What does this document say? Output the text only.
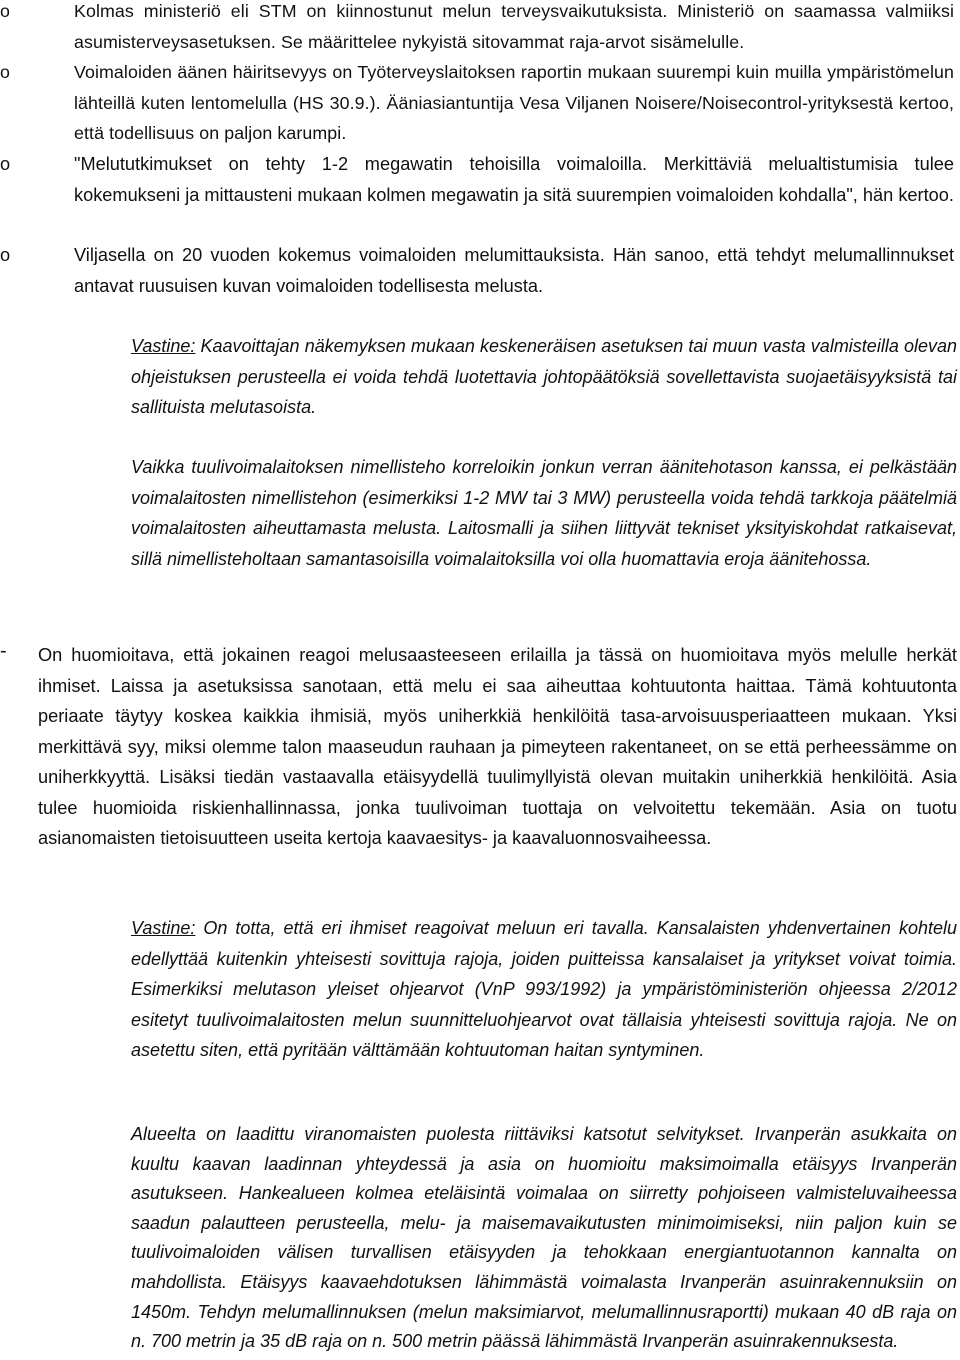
o	Kolmas ministeriö eli STM on kiinnostunut melun terveysvaikutuksista. Ministeriö on saamassa valmiiksi asumisterveysasetuksen. Se määrittelee nykyistä sitovammat raja-arvot sisämelulle.
o	Voimaloiden äänen häiritsevyys on Työterveyslaitoksen raportin mukaan suurempi kuin muilla ympäristömelun lähteillä kuten lentomelulla (HS 30.9.). Ääniasiantuntija Vesa Viljanen Noisere/Noisecontrol-yrityksestä kertoo, että todellisuus on paljon karumpi.
o	"Melututkimukset on tehty 1-2 megawatin tehoisilla voimaloilla. Merkittäviä melualtistumisia tulee kokemukseni ja mittausteni mukaan kolmen megawatin ja sitä suurempien voimaloiden kohdalla", hän kertoo.
o	Viljasella on 20 vuoden kokemus voimaloiden melumittauksista. Hän sanoo, että tehdyt melumallinnukset antavat ruusuisen kuvan voimaloiden todellisesta melusta.
Vastine: Kaavoittajan näkemyksen mukaan keskeneräisen asetuksen tai muun vasta valmisteilla olevan ohjeistuksen perusteella ei voida tehdä luotettavia johtopäätöksiä sovellettavista suojaetäisyyksistä tai sallituista melutasoista.
Vaikka tuulivoimalaitoksen nimellisteho korreloikin jonkun verran äänitehotason kanssa, ei pelkästään voimalaitosten nimellistehon (esimerkiksi 1-2 MW tai 3 MW) perusteella voida tehdä tarkkoja päätelmiä voimalaitosten aiheuttamasta melusta. Laitosmalli ja siihen liittyvät tekniset yksityiskohdat ratkaisevat, sillä nimellisteholtaan samantasoisilla voimalaitoksilla voi olla huomattavia eroja äänitehossa.
- On huomioitava, että jokainen reagoi melusaasteeseen erilailla ja tässä on huomioitava myös melulle herkät ihmiset. Laissa ja asetuksissa sanotaan, että melu ei saa aiheuttaa kohtuutonta haittaa. Tämä kohtuutonta periaate täytyy koskea kaikkia ihmisiä, myös uniherkkiä henkilöitä tasa-arvoisuusperiaatteen mukaan. Yksi merkittävä syy, miksi olemme talon maaseudun rauhaan ja pimeyteen rakentaneet, on se että perheessämme on uniherkkyyttä. Lisäksi tiedän vastaavalla etäisyydellä tuulimyllyistä olevan muitakin uniherkkiä henkilöitä. Asia tulee huomioida riskienhallinnassa, jonka tuulivoiman tuottaja on velvoitettu tekemään. Asia on tuotu asianomaisten tietoisuutteen useita kertoja kaavaesitys- ja kaavaluonnosvaiheessa.
Vastine: On totta, että eri ihmiset reagoivat meluun eri tavalla. Kansalaisten yhdenvertainen kohtelu edellyttää kuitenkin yhteisesti sovittuja rajoja, joiden puitteissa kansalaiset ja yritykset voivat toimia. Esimerkiksi melutason yleiset ohjearvot (VnP 993/1992) ja ympäristöministeriön ohjeessa 2/2012 esitetyt tuulivoimalaitosten melun suunnitteluohjearvot ovat tällaisia yhteisesti sovittuja rajoja. Ne on asetettu siten, että pyritään välttämään kohtuutoman haitan syntyminen.
Alueelta on laadittu viranomaisten puolesta riittäviksi katsotut selvitykset. Irvanperän asukkaita on kuultu kaavan laadinnan yhteydessä ja asia on huomioitu maksimoimalla etäisyys Irvanperän asutukseen. Hankealueen kolmea eteläisintä voimalaa on siirretty pohjoiseen valmisteluvaiheessa saadun palautteen perusteella, melu- ja maisemavaikutusten minimoimiseksi, niin paljon kuin se tuulivoimaloiden välisen turvallisen etäisyyden ja tehokkaan energiantuotannon kannalta on mahdollista. Etäisyys kaavaehdotuksen lähimmästä voimalasta Irvanperän asuinrakennuksiin on 1450m. Tehdyn melumallinnuksen (melun maksimiarvot, melumallinnusraportti) mukaan 40 dB raja on n. 700 metrin ja 35 dB raja on n. 500 metrin päässä lähimmästä Irvanperän asuinrakennuksesta.
